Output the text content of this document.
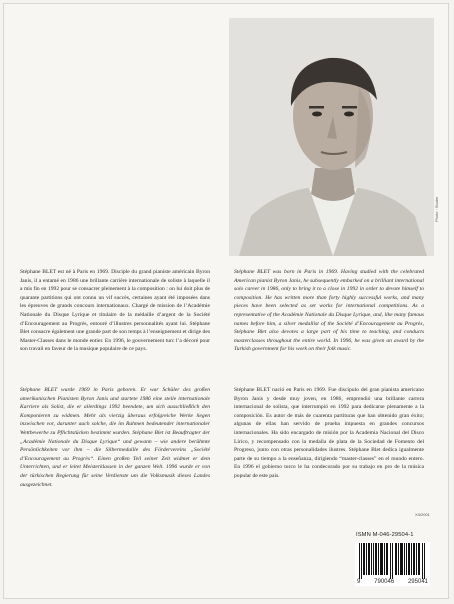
Photo : Studer

Stéphane BLET est né à Paris en 1969. Disciple du grand pianiste américain Byron Janis, il a entamé en 1986 une brillante carrière internationale de soliste à laquelle il a mis fin en 1992 pour se consacrer pleinement à la composition : on lui doit plus de quarante partitions qui ont connu un vif succès, certaines ayant été imposées dans les épreuves de grands concours internationaux. Chargé de mission de l’Académie Nationale du Disque Lyrique et titulaire de la médaille d’argent de la Société d’Encouragement au Progrès, entouré d’illustres personnalités ayant lui. Stéphane Blet consacre également une grande part de son temps à l’enseignement et dirige des Master-Classes dans le monde entier. En 1996, le gouvernement turc l’a décoré pour son travail en faveur de la musique populaire de ce pays.

Stéphane BLET was born in Paris in 1969. Having studied with the celebrated American pianist Byron Janis, he subsequently embarked on a brilliant international solo career in 1986, only to bring it to a close in 1992 in order to devote himself to composition. He has written more than forty highly successful works, and many pieces have been selected as set works for international competitions. As a representative of the Académie Nationale du Disque Lyrique, and, like many famous names before him, a silver medallist of the Société d’Encouragement au Progrès, Stéphane Blet also devotes a large part of his time to teaching, and conducts masterclasses throughout the entire world. In 1996, he was given an award by the Turkish government for his work on their folk music.

Stéphane BLET wurde 1969 in Paris geboren. Er war Schüler des großen amerikanischen Pianisten Byron Janis und startete 1986 eine steile internationale Karriere als Solist, die er allerdings 1992 beendete, um sich ausschließlich den Komponieren zu widmen. Mehr als vierzig überaus erfolgreiche Werke liegen inzwischen vor, darunter auch solche, die im Rahmen bedeutender internationaler Wettbewerbe zu Pflichtstücken bestimmt wurden. Stéphane Blet ist Beauftragter der „Académie Nationale du Disque Lyrique“ und gewann – wie andere berühmte Persönlichkeiten vor ihm – die Silbermedaille des Fördervereins „Société d’Encouragement au Progrès“. Einen großen Teil seiner Zeit widmet er dem Unterrichten, und er leitet Meisterklassen in der ganzen Welt. 1996 wurde er von der türkischen Regierung für seine Verdienste um die Volksmusik dieses Landes ausgezeichnet.

Stéphane BLET nació en Paris en 1969. Fue discípulo del gran pianista americano Byron Janis y desde muy joven, en 1986, emprendió una brillante carrera internacional de solista, que interrumpió en 1992 para dedicarse plenamente a la composición. Es autor de más de cuarenta partituras que han obtenido gran éxito; algunas de ellas han servido de prueba impuesta en grandes concursos internacionales. Ha sido encargado de misión por la Academia Nacional del Disco Lírico, y recompensado con la medalla de plata de la Sociedad de Fomento del Progreso, junto con otras personalidades ilustres. Stéphane Blet dedica igualmente parte de su tiempo a la enseñanza, dirigiendo “master-classes” en el mundo entero. En 1996 el gobierno turco le ha condecorado por su trabajo en pro de la música popular de este país.

XII/2001
ISMN M-046-29504-1
9 790046 295041
